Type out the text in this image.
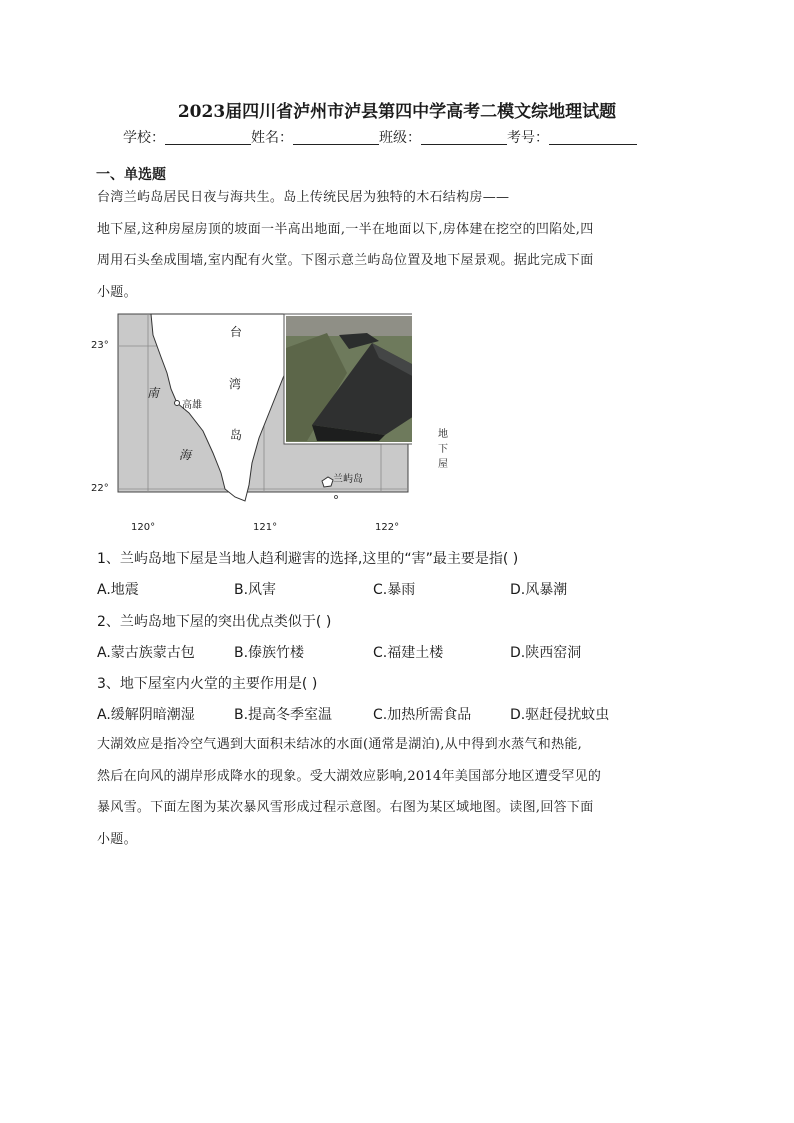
2023届四川省泸州市泸县第四中学高考二模文综地理试题
学校：	姓名：	班级：	考号：
一、单选题
台湾兰屿岛居民日夜与海共生。岛上传统民居为独特的木石结构房——
地下屋,这种房屋房顶的坡面一半高出地面,一半在地面以下,房体建在挖空的凹陷处,四
周用石头垒成围墙,室内配有火堂。下图示意兰屿岛位置及地下屋景观。据此完成下面
小题。
地下屋
23°
22°
120°	121°	122°
南
海
台
湾
岛
高雄
兰屿岛
1、兰屿岛地下屋是当地人趋利避害的选择,这里的“害”最主要是指( )
A.地震	B.风害	C.暴雨	D.风暴潮
2、兰屿岛地下屋的突出优点类似于( )
A.蒙古族蒙古包	B.傣族竹楼	C.福建土楼	D.陕西窑洞
3、地下屋室内火堂的主要作用是( )
A.缓解阴暗潮湿	B.提高冬季室温	C.加热所需食品	D.驱赶侵扰蚊虫
大湖效应是指冷空气遇到大面积未结冰的水面(通常是湖泊),从中得到水蒸气和热能,
然后在向风的湖岸形成降水的现象。受大湖效应影响,2014年美国部分地区遭受罕见的
暴风雪。下面左图为某次暴风雪形成过程示意图。右图为某区域地图。读图,回答下面
小题。
